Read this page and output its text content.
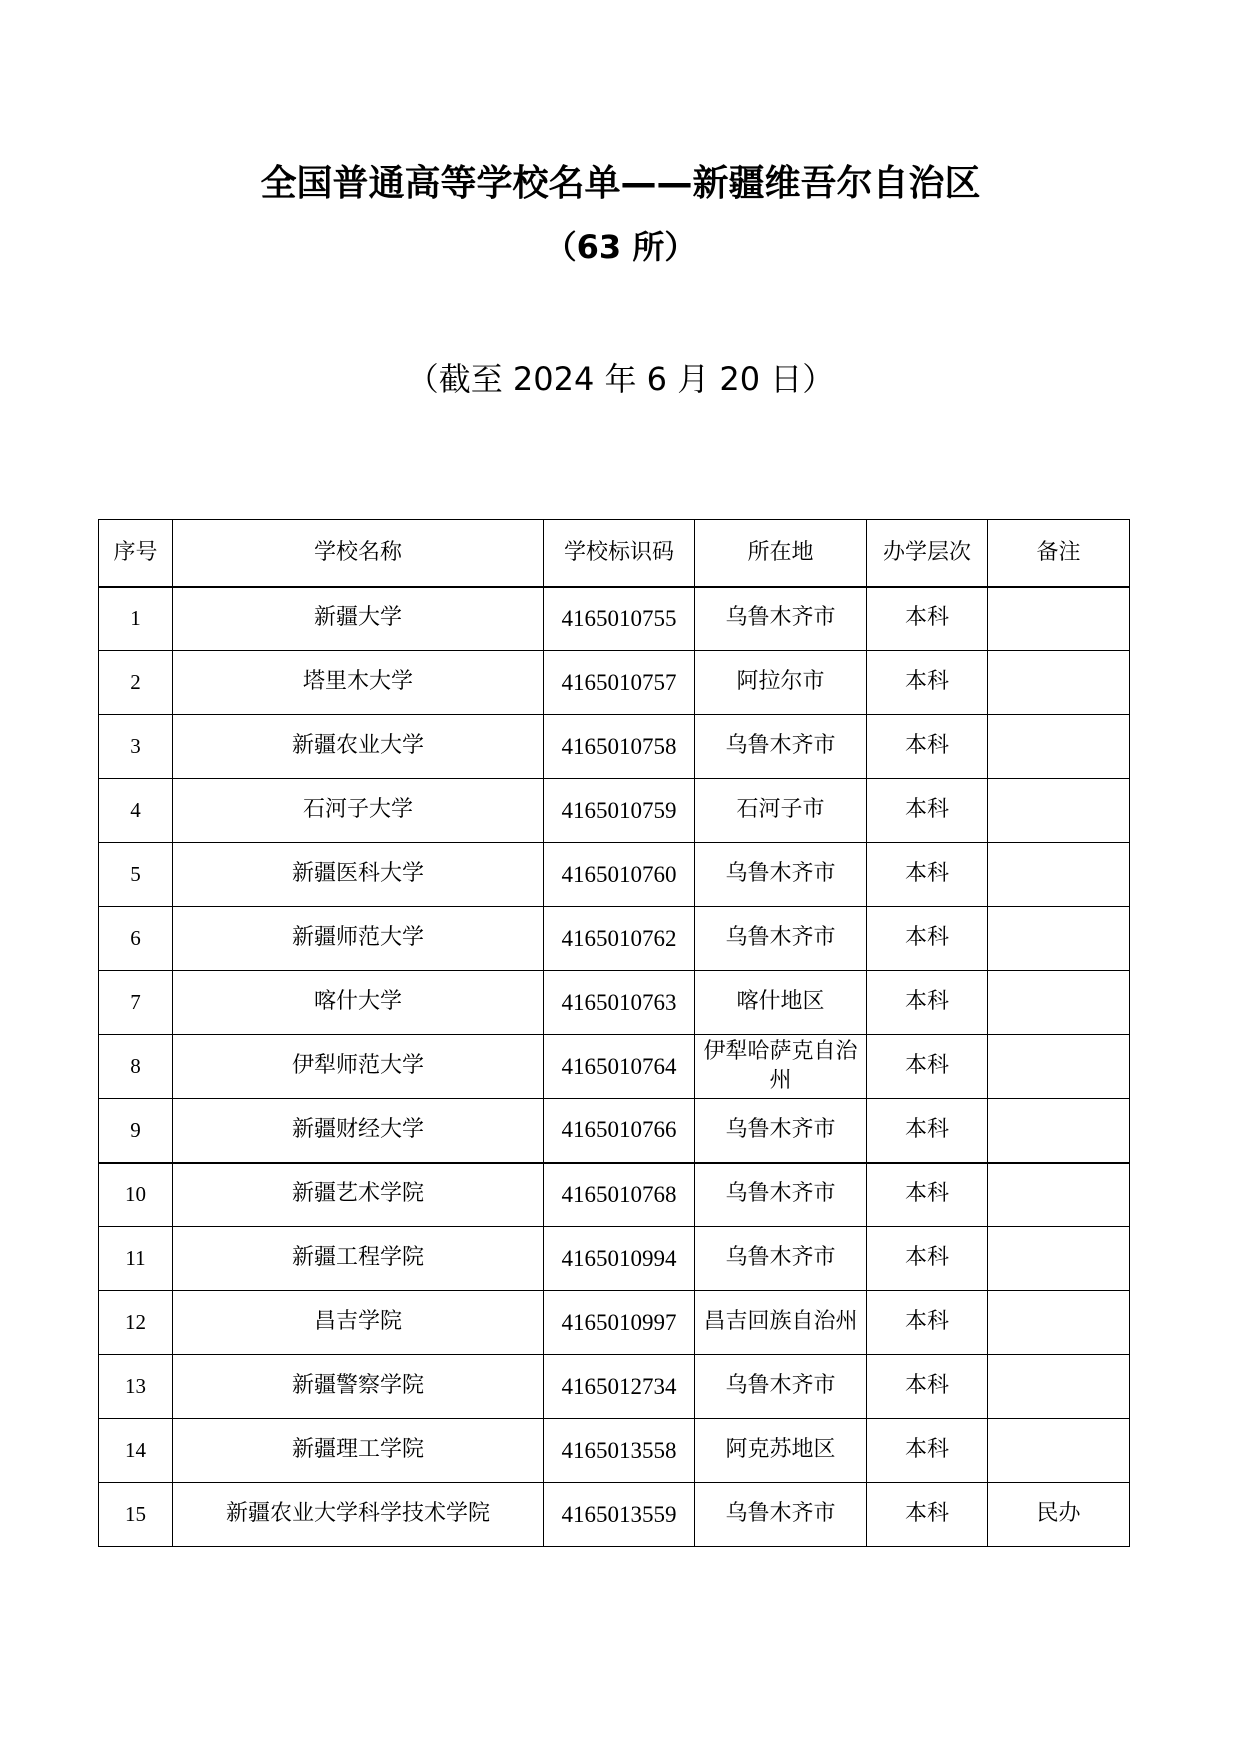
全国普通高等学校名单——新疆维吾尔自治区
（63 所）
（截至 2024 年 6 月 20 日）
序号	学校名称	学校标识码	所在地	办学层次	备注
1	新疆大学	4165010755	乌鲁木齐市	本科	
2	塔里木大学	4165010757	阿拉尔市	本科	
3	新疆农业大学	4165010758	乌鲁木齐市	本科	
4	石河子大学	4165010759	石河子市	本科	
5	新疆医科大学	4165010760	乌鲁木齐市	本科	
6	新疆师范大学	4165010762	乌鲁木齐市	本科	
7	喀什大学	4165010763	喀什地区	本科	
8	伊犁师范大学	4165010764	伊犁哈萨克自治州	本科	
9	新疆财经大学	4165010766	乌鲁木齐市	本科	
10	新疆艺术学院	4165010768	乌鲁木齐市	本科	
11	新疆工程学院	4165010994	乌鲁木齐市	本科	
12	昌吉学院	4165010997	昌吉回族自治州	本科	
13	新疆警察学院	4165012734	乌鲁木齐市	本科	
14	新疆理工学院	4165013558	阿克苏地区	本科	
15	新疆农业大学科学技术学院	4165013559	乌鲁木齐市	本科	民办
